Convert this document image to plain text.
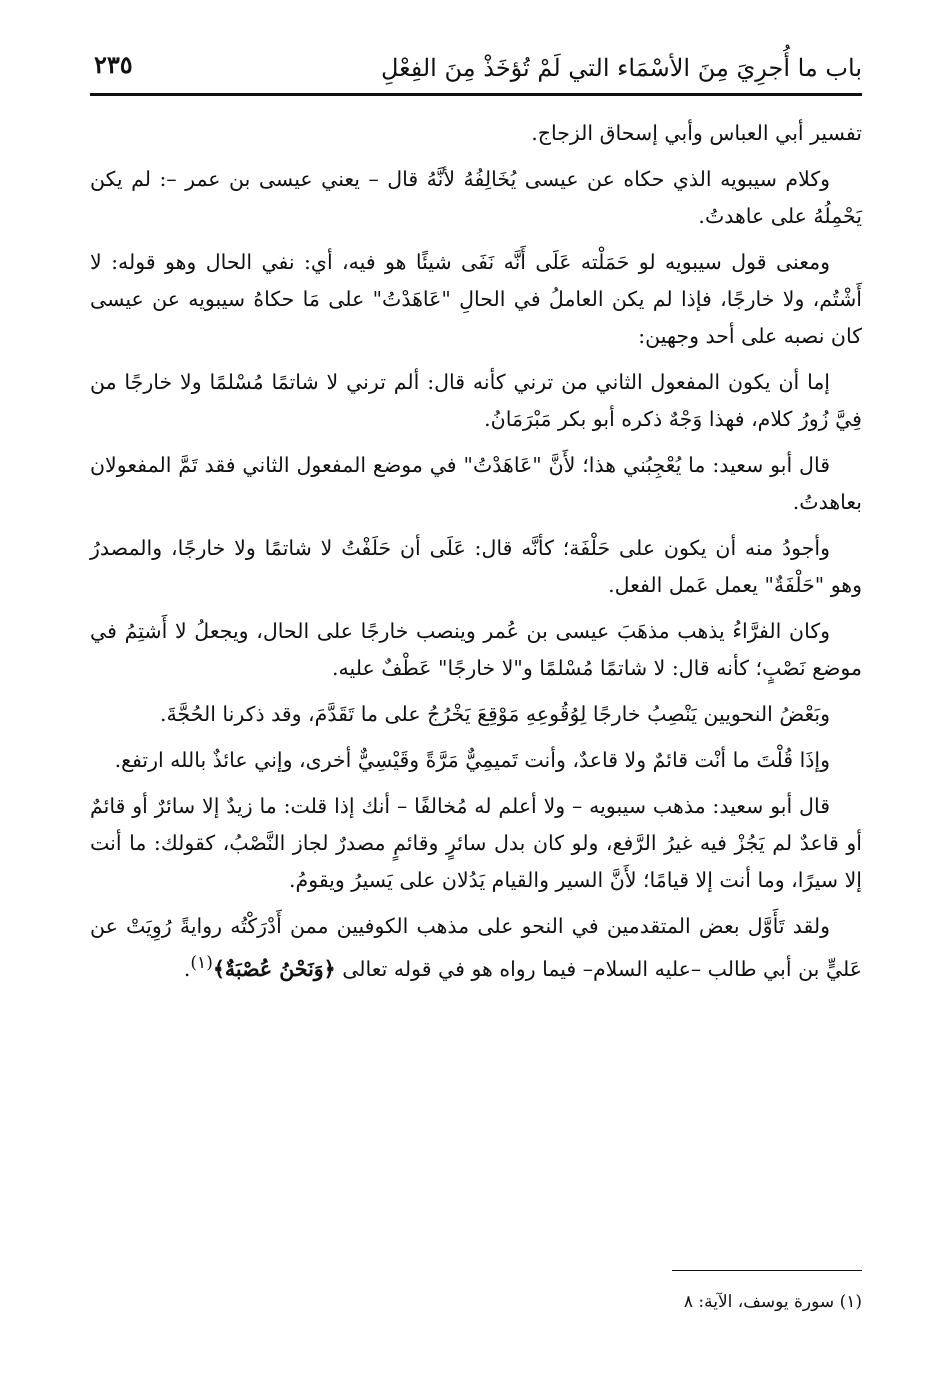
باب ما أُجرِيَ مِنَ الأسْمَاء التي لَمْ تُؤخَذْ مِنَ الفِعْلِ
٢٣٥

تفسير أبي العباس وأبي إسحاق الزجاج.

وكلام سيبويه الذي حكاه عن عيسى يُخَالِفُهُ لأنَّهُ قال – يعني عيسى بن عمر –: لم يكن يَحْمِلُهُ على عاهدتُ.

ومعنى قول سيبويه لو حَمَلْته عَلَى أَنَّه نَفَى شيئًا هو فيه، أي: نفي الحال وهو قوله: لا أَشْتُم، ولا خارجًا، فإذا لم يكن العاملُ في الحالِ "عَاهَدْتُ" على مَا حكاهُ سيبويه عن عيسى كان نصبه على أحد وجهين:

إما أن يكون المفعول الثاني من ترني كأنه قال: ألم ترني لا شاتمًا مُسْلمًا ولا خارجًا من فِيَّ زُورُ كلام، فهذا وَجْهٌ ذكره أبو بكر مَبْرَمَانُ.

قال أبو سعيد: ما يُعْجِبُني هذا؛ لأَنَّ "عَاهَدْتُ" في موضع المفعول الثاني فقد تَمَّ المفعولان بعاهدتُ.

وأجودُ منه أن يكون على حَلْفَة؛ كأنَّه قال: عَلَى أن حَلَفْتُ لا شاتمًا ولا خارجًا، والمصدرُ وهو "حَلْفَةٌ" يعمل عَمل الفعل.

وكان الفرَّاءُ يذهب مذهَبَ عيسى بن عُمر وينصب خارجًا على الحال، ويجعلُ لا أَشتِمُ في موضع نَصْبٍ؛ كأنه قال: لا شاتمًا مُسْلمًا و"لا خارجًا" عَطْفٌ عليه.

وبَعْضُ النحويين يَنْصِبُ خارجًا لِوُقُوعِهِ مَوْقِعَ يَخْرُجُ على ما تَقَدَّمَ، وقد ذكرنا الحُجَّةَ.

وإذَا قُلْتَ ما أنْت قائمٌ ولا قاعدٌ، وأنت تَميمِيٌّ مَرَّةً وقَيْسِيٌّ أخرى، وإني عائذٌ بالله ارتفع.

قال أبو سعيد: مذهب سيبويه – ولا أعلم له مُخالفًا – أنك إذا قلت: ما زيدٌ إلا سائرٌ أو قائمٌ أو قاعدٌ لم يَجُزْ فيه غيرُ الرَّفع، ولو كان بدل سائرٍ وقائمٍ مصدرٌ لجاز النَّصْبُ، كقولك: ما أنت إلا سيرًا، وما أنت إلا قيامًا؛ لأَنَّ السير والقيام يَدُلان على يَسيرُ ويقومُ.

ولقد تَأَوَّل بعض المتقدمين في النحو على مذهب الكوفيين ممن أَدْرَكْتُه روايةً رُوِيَتْ عن عَليٍّ بن أبي طالب –عليه السلام– فيما رواه هو في قوله تعالى ﴿وَنَحْنُ عُصْبَةٌ﴾$^{(١)}$.

(١) سورة يوسف، الآية: ٨
